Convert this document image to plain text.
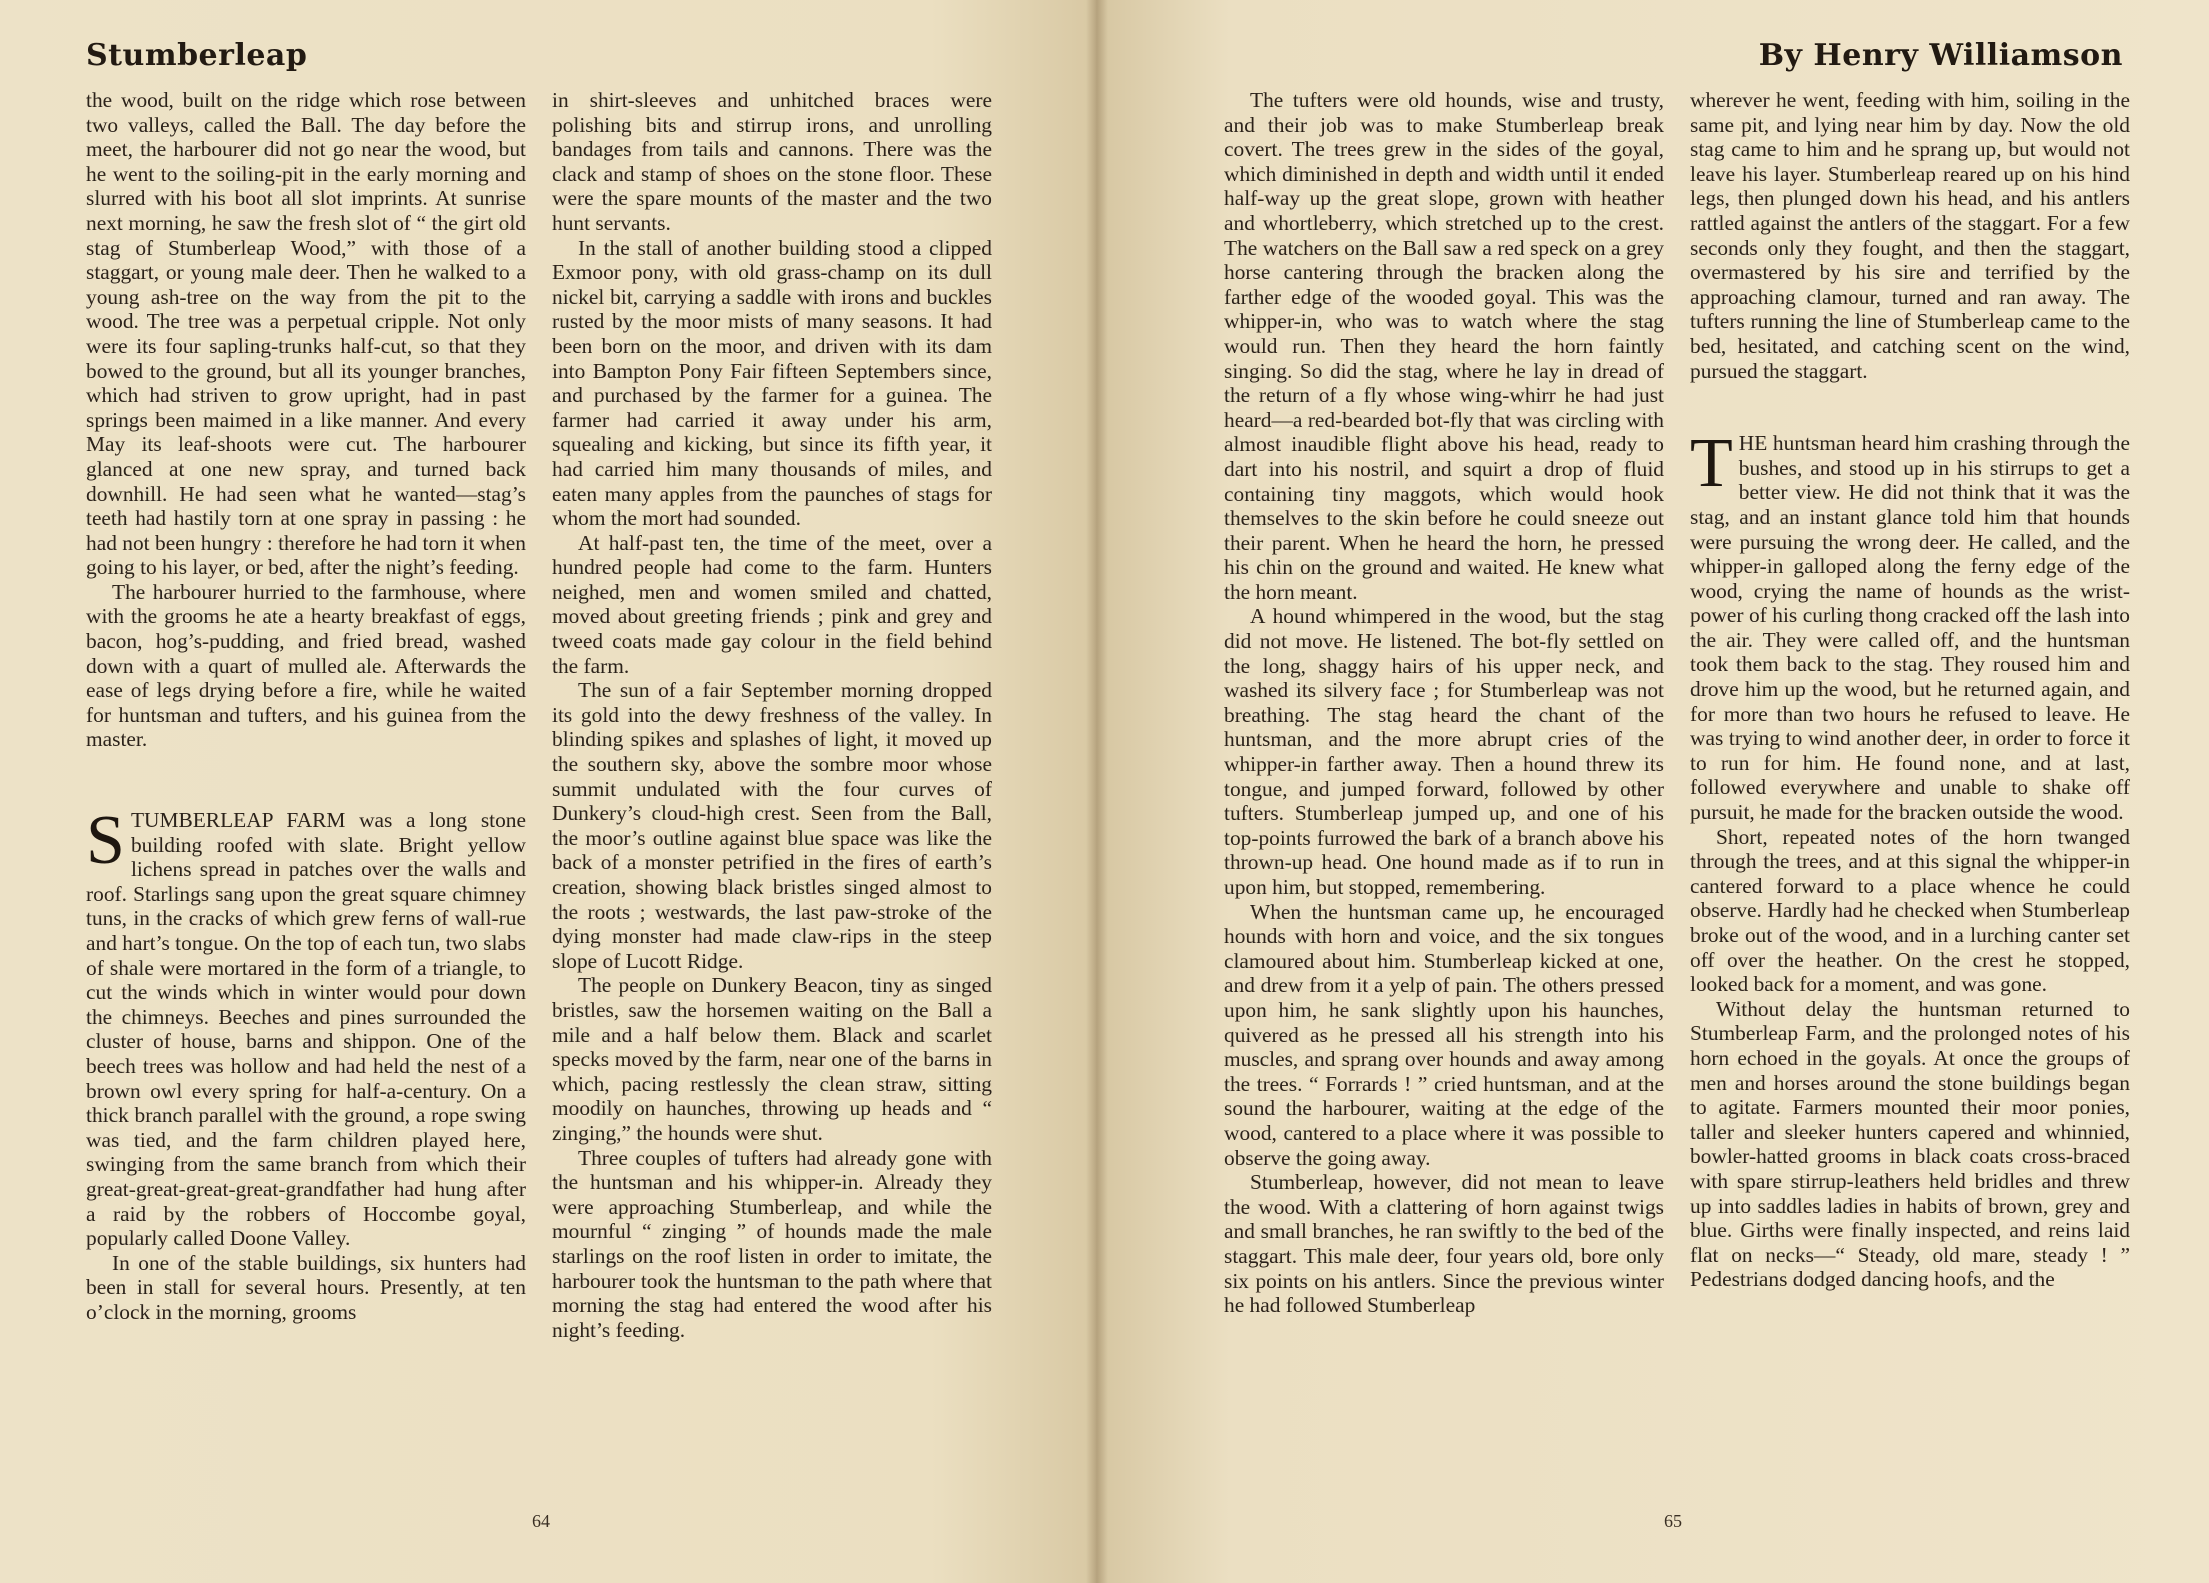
Stumberleap

the wood, built on the ridge which rose between two valleys, called the Ball. The day before the meet, the harbourer did not go near the wood, but he went to the soiling-pit in the early morning and slurred with his boot all slot imprints. At sunrise next morning, he saw the fresh slot of “ the girt old stag of Stumberleap Wood,” with those of a staggart, or young male deer. Then he walked to a young ash-tree on the way from the pit to the wood. The tree was a perpetual cripple. Not only were its four sapling-trunks half-cut, so that they bowed to the ground, but all its younger branches, which had striven to grow upright, had in past springs been maimed in a like manner. And every May its leaf-shoots were cut. The harbourer glanced at one new spray, and turned back downhill. He had seen what he wanted—stag’s teeth had hastily torn at one spray in passing : he had not been hungry : therefore he had torn it when going to his layer, or bed, after the night’s feeding.

The harbourer hurried to the farmhouse, where with the grooms he ate a hearty breakfast of eggs, bacon, hog’s-pudding, and fried bread, washed down with a quart of mulled ale. Afterwards the ease of legs drying before a fire, while he waited for huntsman and tufters, and his guinea from the master.

STUMBERLEAP FARM was a long stone building roofed with slate. Bright yellow lichens spread in patches over the walls and roof. Starlings sang upon the great square chimney tuns, in the cracks of which grew ferns of wall-rue and hart’s tongue. On the top of each tun, two slabs of shale were mortared in the form of a triangle, to cut the winds which in winter would pour down the chimneys. Beeches and pines surrounded the cluster of house, barns and shippon. One of the beech trees was hollow and had held the nest of a brown owl every spring for half-a-century. On a thick branch parallel with the ground, a rope swing was tied, and the farm children played here, swinging from the same branch from which their great-great-great-great-grandfather had hung after a raid by the robbers of Hoccombe goyal, popularly called Doone Valley.

In one of the stable buildings, six hunters had been in stall for several hours. Presently, at ten o’clock in the morning, grooms

in shirt-sleeves and unhitched braces were polishing bits and stirrup irons, and unrolling bandages from tails and cannons. There was the clack and stamp of shoes on the stone floor. These were the spare mounts of the master and the two hunt servants.

In the stall of another building stood a clipped Exmoor pony, with old grass-champ on its dull nickel bit, carrying a saddle with irons and buckles rusted by the moor mists of many seasons. It had been born on the moor, and driven with its dam into Bampton Pony Fair fifteen Septembers since, and purchased by the farmer for a guinea. The farmer had carried it away under his arm, squealing and kicking, but since its fifth year, it had carried him many thousands of miles, and eaten many apples from the paunches of stags for whom the mort had sounded.

At half-past ten, the time of the meet, over a hundred people had come to the farm. Hunters neighed, men and women smiled and chatted, moved about greeting friends ; pink and grey and tweed coats made gay colour in the field behind the farm.

The sun of a fair September morning dropped its gold into the dewy freshness of the valley. In blinding spikes and splashes of light, it moved up the southern sky, above the sombre moor whose summit undulated with the four curves of Dunkery’s cloud-high crest. Seen from the Ball, the moor’s outline against blue space was like the back of a monster petrified in the fires of earth’s creation, showing black bristles singed almost to the roots ; westwards, the last paw-stroke of the dying monster had made claw-rips in the steep slope of Lucott Ridge.

The people on Dunkery Beacon, tiny as singed bristles, saw the horsemen waiting on the Ball a mile and a half below them. Black and scarlet specks moved by the farm, near one of the barns in which, pacing restlessly the clean straw, sitting moodily on haunches, throwing up heads and “ zinging,” the hounds were shut.

Three couples of tufters had already gone with the huntsman and his whipper-in. Already they were approaching Stumberleap, and while the mournful “ zinging ” of hounds made the male starlings on the roof listen in order to imitate, the harbourer took the huntsman to the path where that morning the stag had entered the wood after his night’s feeding.

64
By Henry Williamson
65

The tufters were old hounds, wise and trusty, and their job was to make Stumberleap break covert. The trees grew in the sides of the goyal, which diminished in depth and width until it ended half-way up the great slope, grown with heather and whortleberry, which stretched up to the crest. The watchers on the Ball saw a red speck on a grey horse cantering through the bracken along the farther edge of the wooded goyal. This was the whipper-in, who was to watch where the stag would run. Then they heard the horn faintly singing. So did the stag, where he lay in dread of the return of a fly whose wing-whirr he had just heard—a red-bearded bot-fly that was circling with almost inaudible flight above his head, ready to dart into his nostril, and squirt a drop of fluid containing tiny maggots, which would hook themselves to the skin before he could sneeze out their parent. When he heard the horn, he pressed his chin on the ground and waited. He knew what the horn meant.

A hound whimpered in the wood, but the stag did not move. He listened. The bot-fly settled on the long, shaggy hairs of his upper neck, and washed its silvery face ; for Stumberleap was not breathing. The stag heard the chant of the huntsman, and the more abrupt cries of the whipper-in farther away. Then a hound threw its tongue, and jumped forward, followed by other tufters. Stumberleap jumped up, and one of his top-points furrowed the bark of a branch above his thrown-up head. One hound made as if to run in upon him, but stopped, remembering.

When the huntsman came up, he encouraged hounds with horn and voice, and the six tongues clamoured about him. Stumberleap kicked at one, and drew from it a yelp of pain. The others pressed upon him, he sank slightly upon his haunches, quivered as he pressed all his strength into his muscles, and sprang over hounds and away among the trees. “ Forrards ! ” cried huntsman, and at the sound the harbourer, waiting at the edge of the wood, cantered to a place where it was possible to observe the going away.

Stumberleap, however, did not mean to leave the wood. With a clattering of horn against twigs and small branches, he ran swiftly to the bed of the staggart. This male deer, four years old, bore only six points on his antlers. Since the previous winter he had followed Stumberleap

wherever he went, feeding with him, soiling in the same pit, and lying near him by day. Now the old stag came to him and he sprang up, but would not leave his layer. Stumberleap reared up on his hind legs, then plunged down his head, and his antlers rattled against the antlers of the staggart. For a few seconds only they fought, and then the staggart, overmastered by his sire and terrified by the approaching clamour, turned and ran away. The tufters running the line of Stumberleap came to the bed, hesitated, and catching scent on the wind, pursued the staggart.

THE huntsman heard him crashing through the bushes, and stood up in his stirrups to get a better view. He did not think that it was the stag, and an instant glance told him that hounds were pursuing the wrong deer. He called, and the whipper-in galloped along the ferny edge of the wood, crying the name of hounds as the wrist-power of his curling thong cracked off the lash into the air. They were called off, and the huntsman took them back to the stag. They roused him and drove him up the wood, but he returned again, and for more than two hours he refused to leave. He was trying to wind another deer, in order to force it to run for him. He found none, and at last, followed everywhere and unable to shake off pursuit, he made for the bracken outside the wood.

Short, repeated notes of the horn twanged through the trees, and at this signal the whipper-in cantered forward to a place whence he could observe. Hardly had he checked when Stumberleap broke out of the wood, and in a lurching canter set off over the heather. On the crest he stopped, looked back for a moment, and was gone.

Without delay the huntsman returned to Stumberleap Farm, and the prolonged notes of his horn echoed in the goyals. At once the groups of men and horses around the stone buildings began to agitate. Farmers mounted their moor ponies, taller and sleeker hunters capered and whinnied, bowler-hatted grooms in black coats cross-braced with spare stirrup-leathers held bridles and threw up into saddles ladies in habits of brown, grey and blue. Girths were finally inspected, and reins laid flat on necks—“ Steady, old mare, steady ! ” Pedestrians dodged dancing hoofs, and the
